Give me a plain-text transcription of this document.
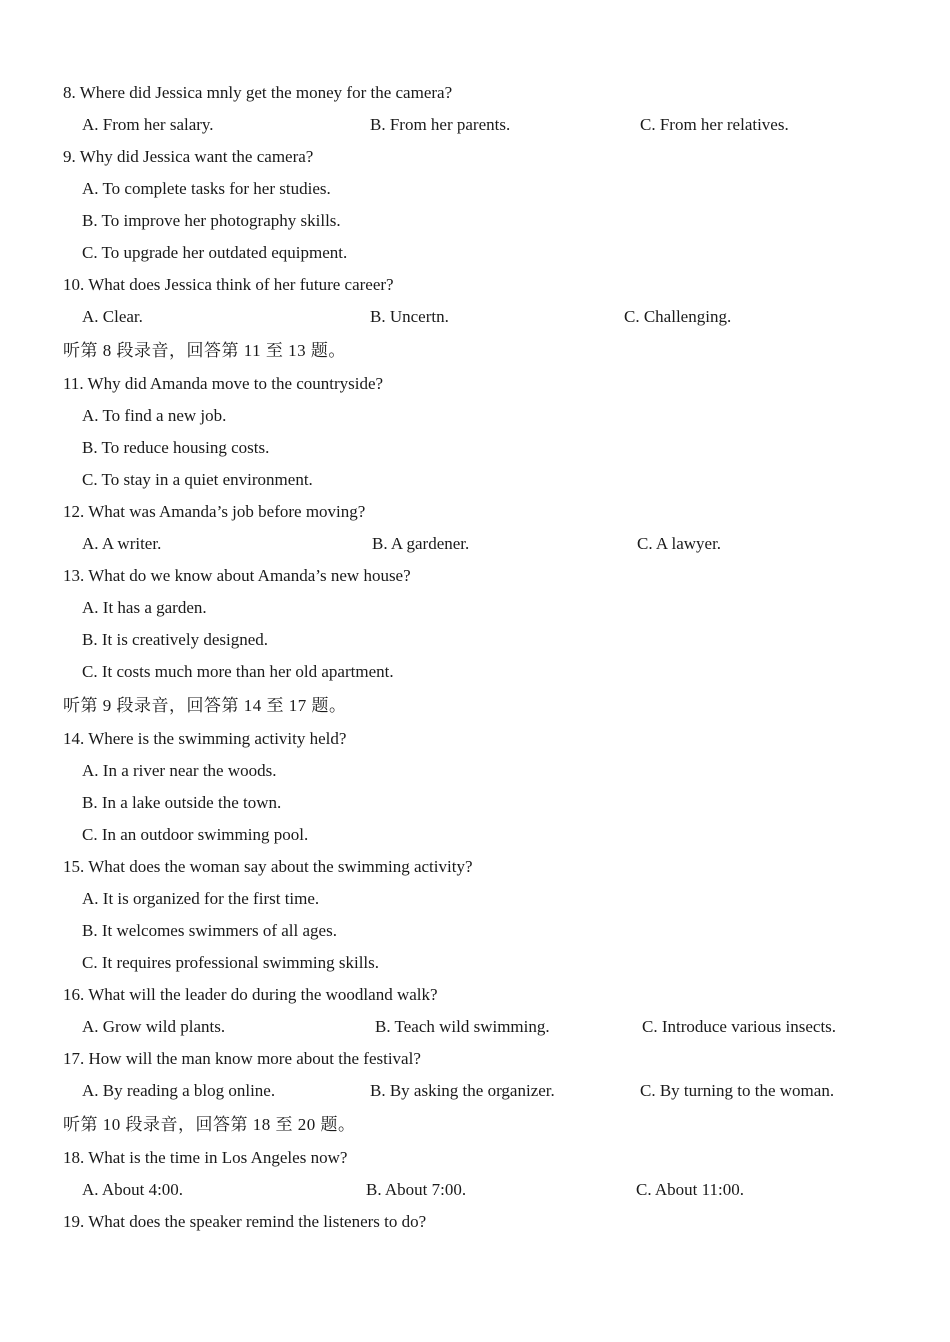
8. Where did Jessica mnly get the money for the camera?
A. From her salary.	B. From her parents.	C. From her relatives.
9. Why did Jessica want the camera?
A. To complete tasks for her studies.
B. To improve her photography skills.
C. To upgrade her outdated equipment.
10. What does Jessica think of her future career?
A. Clear.	B. Uncertn.	C. Challenging.
听第 8 段录音，回答第 11 至 13 题。
11. Why did Amanda move to the countryside?
A. To find a new job.
B. To reduce housing costs.
C. To stay in a quiet environment.
12. What was Amanda’s job before moving?
A. A writer.	B. A gardener.	C. A lawyer.
13. What do we know about Amanda’s new house?
A. It has a garden.
B. It is creatively designed.
C. It costs much more than her old apartment.
听第 9 段录音，回答第 14 至 17 题。
14. Where is the swimming activity held?
A. In a river near the woods.
B. In a lake outside the town.
C. In an outdoor swimming pool.
15. What does the woman say about the swimming activity?
A. It is organized for the first time.
B. It welcomes swimmers of all ages.
C. It requires professional swimming skills.
16. What will the leader do during the woodland walk?
A. Grow wild plants.	B. Teach wild swimming.	C. Introduce various insects.
17. How will the man know more about the festival?
A. By reading a blog online.	B. By asking the organizer.	C. By turning to the woman.
听第 10 段录音，回答第 18 至 20 题。
18. What is the time in Los Angeles now?
A. About 4:00.	B. About 7:00.	C. About 11:00.
19. What does the speaker remind the listeners to do?
